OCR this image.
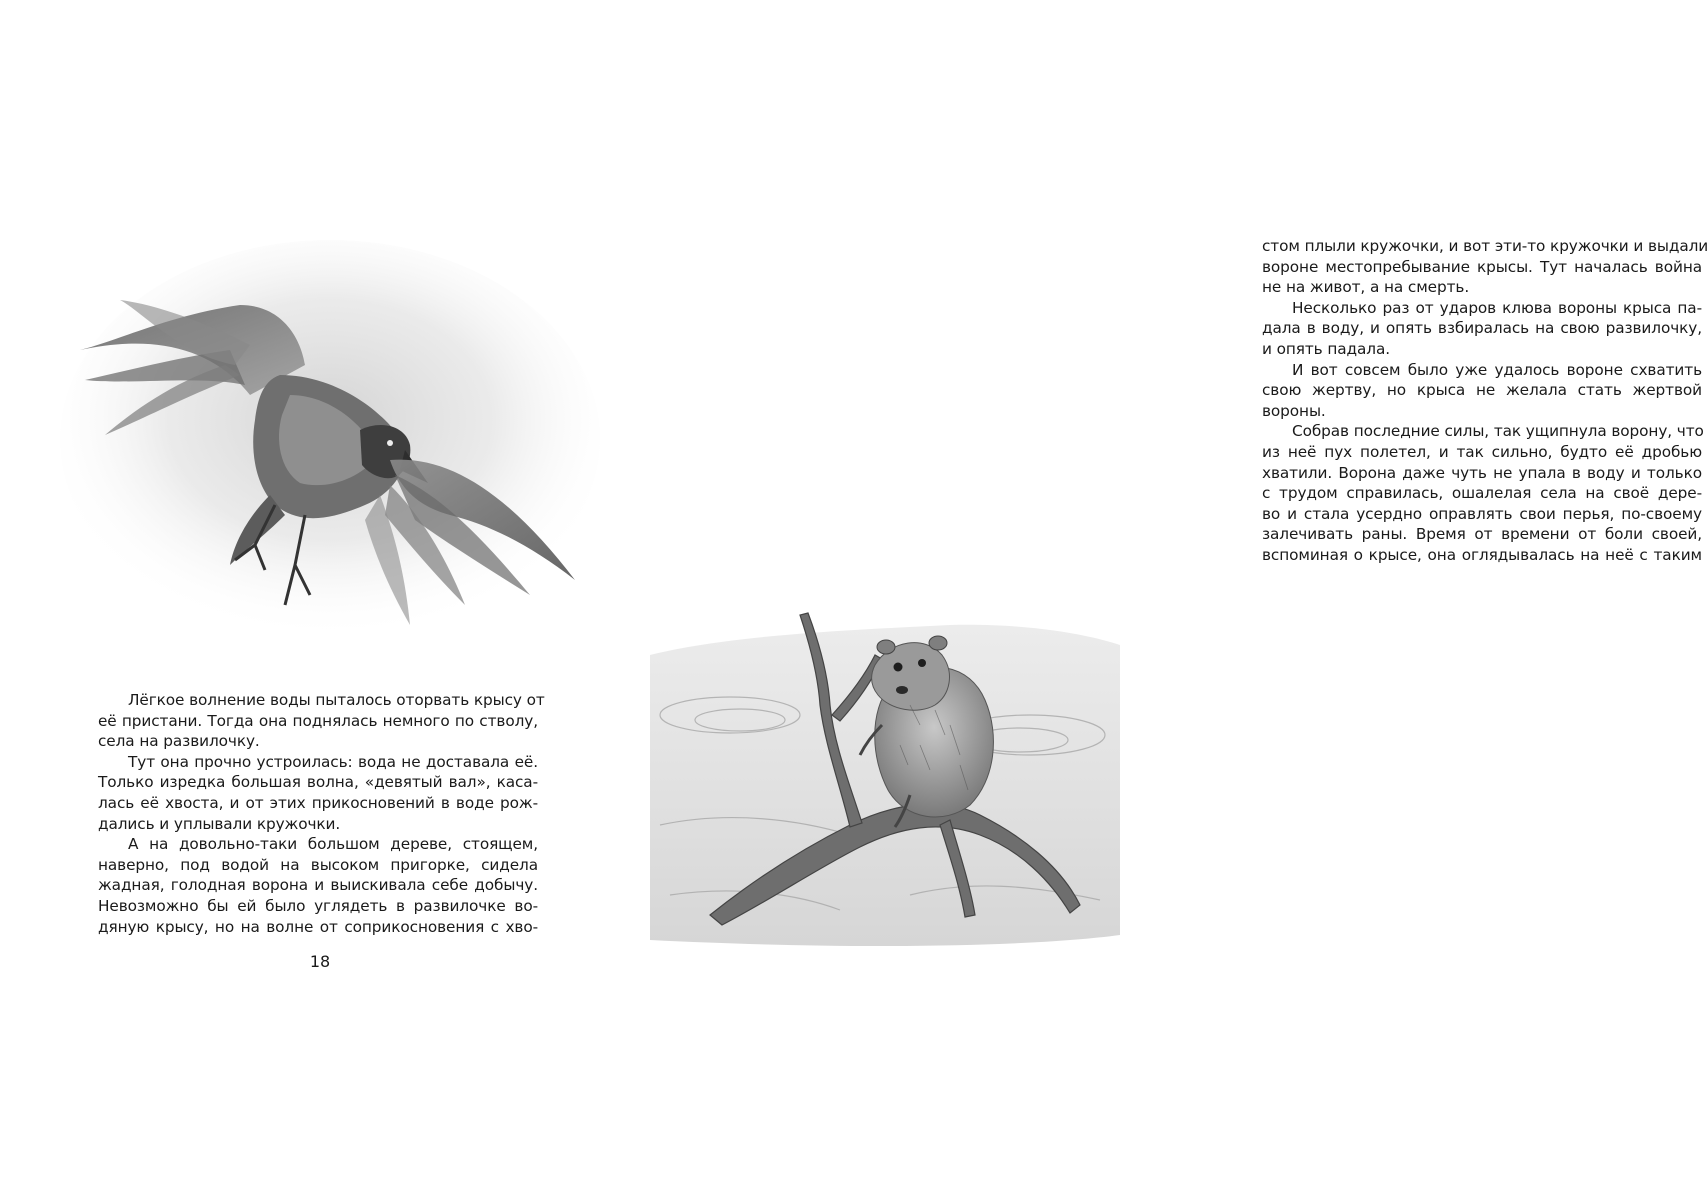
Лёгкое волнение воды пыталось оторвать крысу от

её пристани. Тогда она поднялась немного по стволу,

села на развилочку.

Тут она прочно устроилась: вода не доставала её.

Только изредка большая волна, «девятый вал», каса-

лась её хвоста, и от этих прикосновений в воде рож-

дались и уплывали кружочки.

А на довольно-таки большом дереве, стоящем,

наверно, под водой на высоком пригорке, сидела

жадная, голодная ворона и выискивала себе добычу.

Невозможно бы ей было углядеть в развилочке во-

дяную крысу, но на волне от соприкосновения с хво-

18

стом плыли кружочки, и вот эти-то кружочки и выдали

вороне местопребывание крысы. Тут началась война

не на живот, а на смерть.

Несколько раз от ударов клюва вороны крыса па-

дала в воду, и опять взбиралась на свою развилочку,

и опять падала.

И вот совсем было уже удалось вороне схватить

свою жертву, но крыса не желала стать жертвой

вороны.

Собрав последние силы, так ущипнула ворону, что

из неё пух полетел, и так сильно, будто её дробью

хватили. Ворона даже чуть не упала в воду и только

с трудом справилась, ошалелая села на своё дере-

во и стала усердно оправлять свои перья, по-своему

залечивать раны. Время от времени от боли своей,

вспоминая о крысе, она оглядывалась на неё с таким
